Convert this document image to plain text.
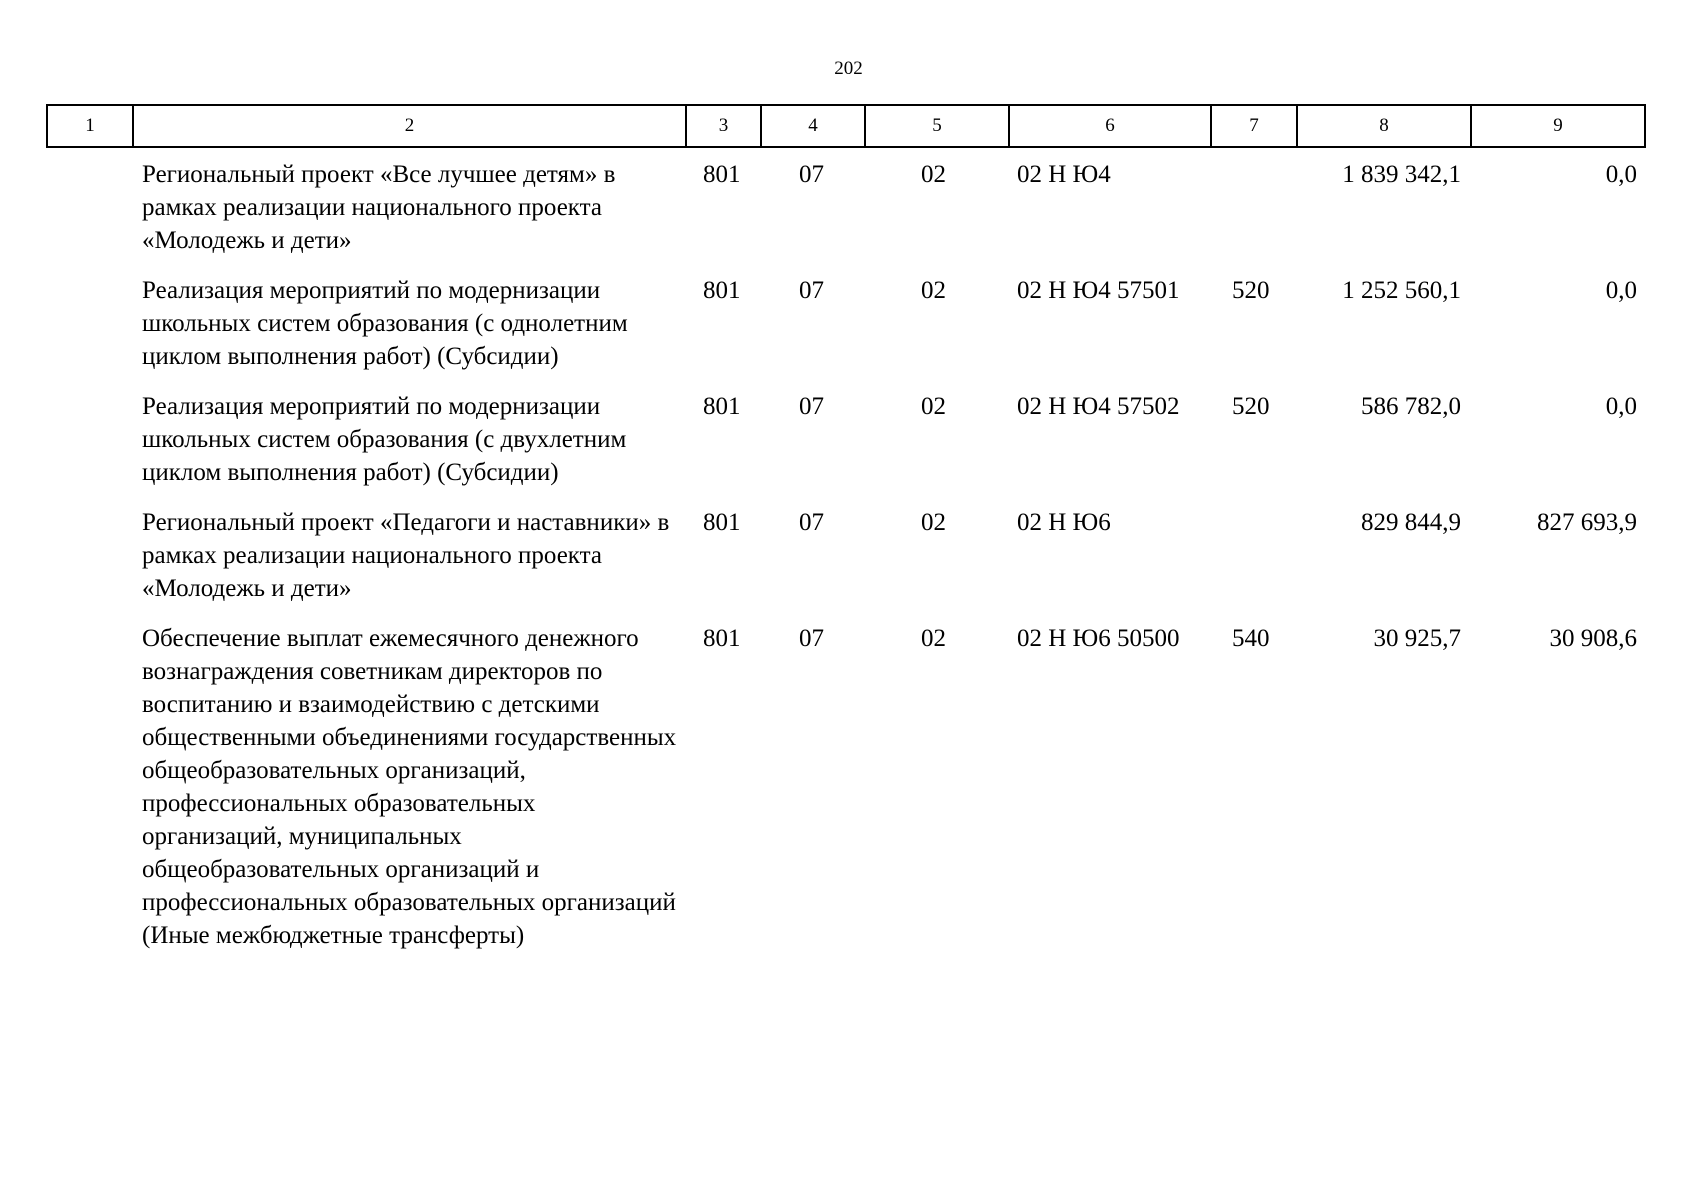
202
1	2	3	4	5	6	7	8	9
	Региональный проект «Все лучшее детям» в рамках реализации национального проекта «Молодежь и дети»	801	07	02	02 Н Ю4		1 839 342,1	0,0
	Реализация мероприятий по модернизации школьных систем образования (с однолетним циклом выполнения работ) (Субсидии)	801	07	02	02 Н Ю4 57501	520	1 252 560,1	0,0
	Реализация мероприятий по модернизации школьных систем образования (с двухлетним циклом выполнения работ) (Субсидии)	801	07	02	02 Н Ю4 57502	520	586 782,0	0,0
	Региональный проект «Педагоги и наставники» в рамках реализации национального проекта «Молодежь и дети»	801	07	02	02 Н Ю6		829 844,9	827 693,9
	Обеспечение выплат ежемесячного денежного вознаграждения советникам директоров по воспитанию и взаимодействию с детскими общественными объединениями государственных общеобразовательных организаций, профессиональных образовательных организаций, муниципальных общеобразовательных организаций и профессиональных образовательных организаций (Иные межбюджетные трансферты)	801	07	02	02 Н Ю6 50500	540	30 925,7	30 908,6
